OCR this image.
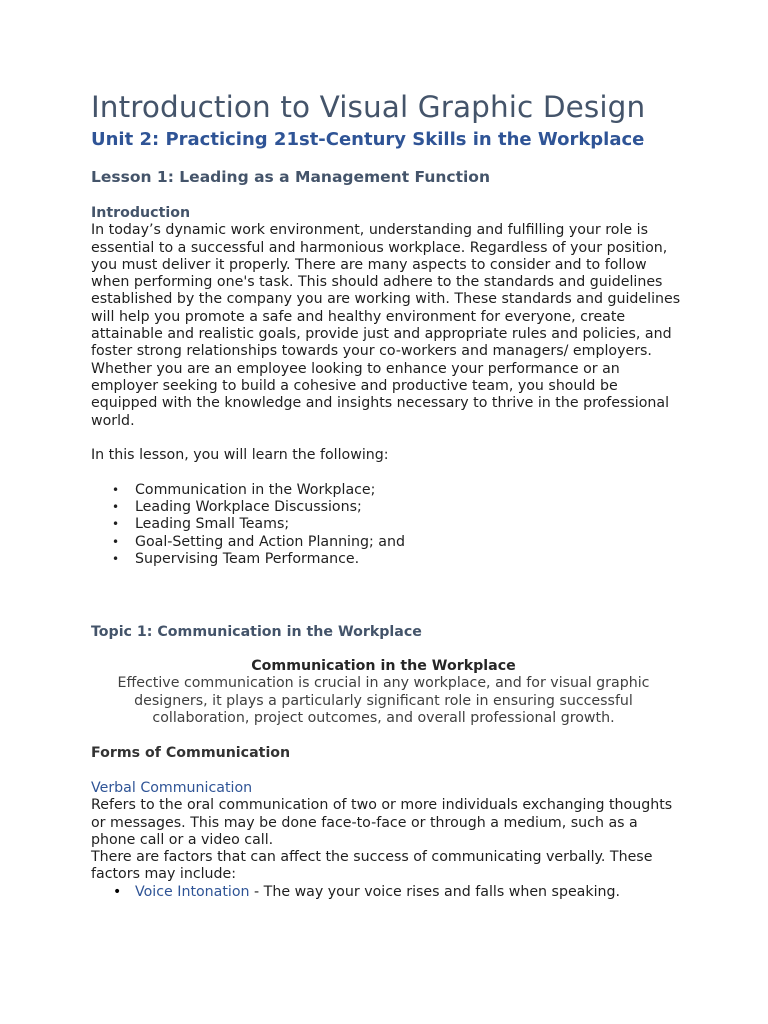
Introduction to Visual Graphic Design
Unit 2: Practicing 21st-Century Skills in the Workplace
Lesson 1: Leading as a Management Function
Introduction

In today’s dynamic work environment, understanding and fulfilling your role is essential to a successful and harmonious workplace. Regardless of your position, you must deliver it properly. There are many aspects to consider and to follow when performing one's task. This should adhere to the standards and guidelines established by the company you are working with. These standards and guidelines will help you promote a safe and healthy environment for everyone, create attainable and realistic goals, provide just and appropriate rules and policies, and foster strong relationships towards your co-workers and managers/ employers.

Whether you are an employee looking to enhance your performance or an employer seeking to build a cohesive and productive team, you should be equipped with the knowledge and insights necessary to thrive in the professional world.

In this lesson, you will learn the following:

• Communication in the Workplace;
• Leading Workplace Discussions;
• Leading Small Teams;
• Goal-Setting and Action Planning; and
• Supervising Team Performance.
Topic 1: Communication in the Workplace
Communication in the Workplace
Effective communication is crucial in any workplace, and for visual graphic designers, it plays a particularly significant role in ensuring successful collaboration, project outcomes, and overall professional growth.
Forms of Communication
Verbal Communication

Refers to the oral communication of two or more individuals exchanging thoughts or messages. This may be done face-to-face or through a medium, such as a phone call or a video call.

There are factors that can affect the success of communicating verbally. These factors may include:

• Voice Intonation - The way your voice rises and falls when speaking.
